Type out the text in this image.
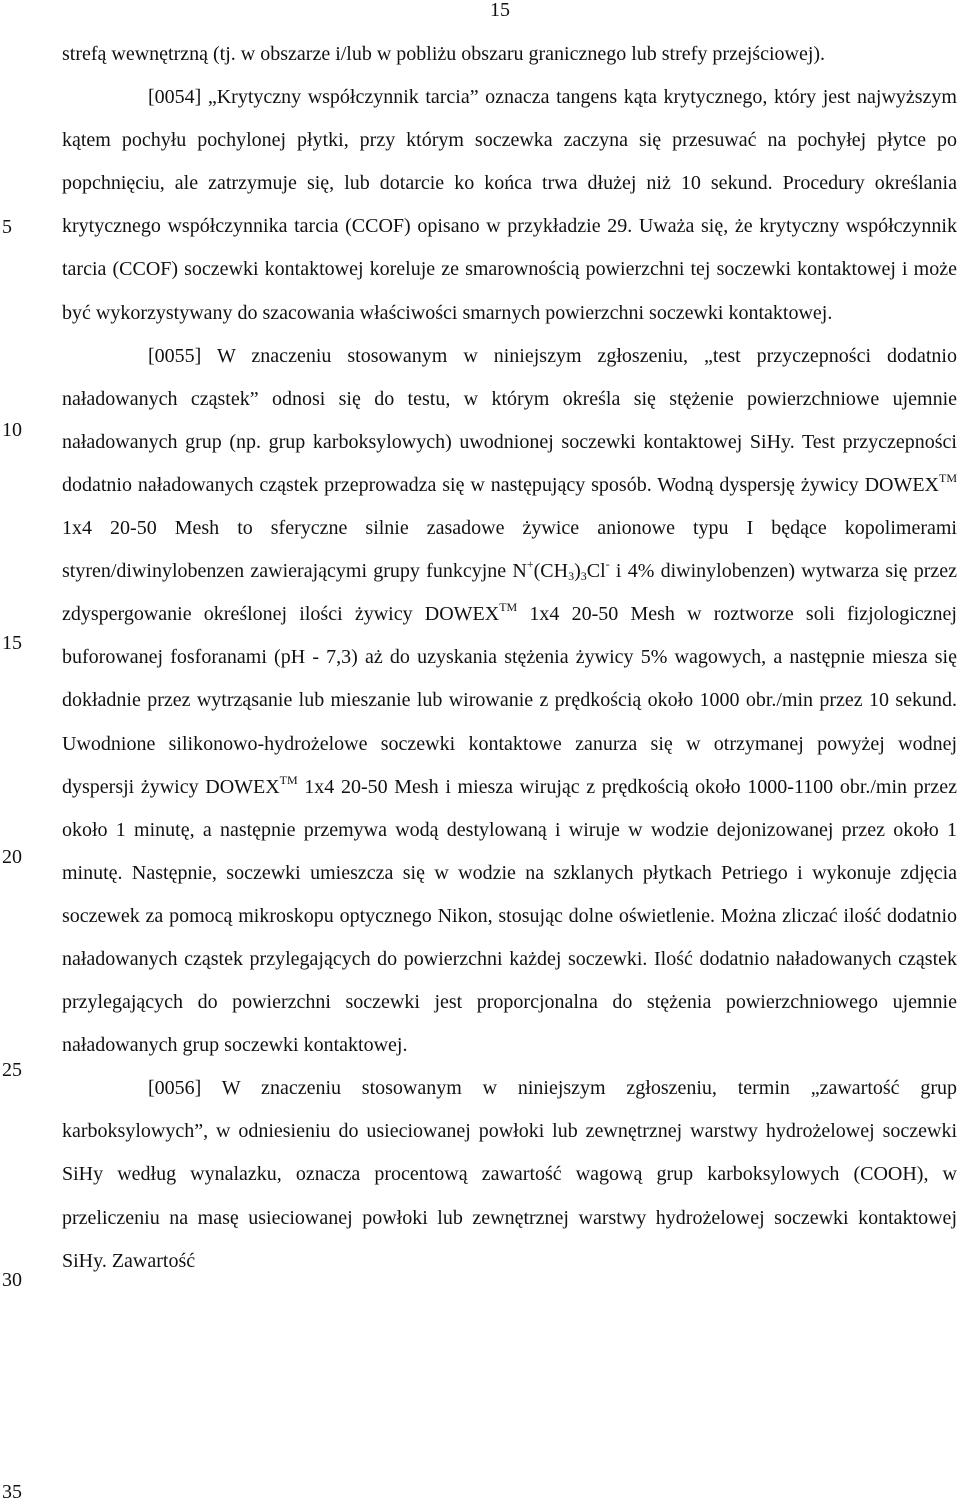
15
5
10
15
20
25
30
35

strefą wewnętrzną (tj. w obszarze i/lub w pobliżu obszaru granicznego lub strefy przejściowej).

[0054] „Krytyczny współczynnik tarcia” oznacza tangens kąta krytycznego, który jest najwyższym kątem pochyłu pochylonej płytki, przy którym soczewka zaczyna się przesuwać na pochyłej płytce po popchnięciu, ale zatrzymuje się, lub dotarcie ko końca trwa dłużej niż 10 sekund. Procedury określania krytycznego współczynnika tarcia (CCOF) opisano w przykładzie 29. Uważa się, że krytyczny współczynnik tarcia (CCOF) soczewki kontaktowej koreluje ze smarownością powierzchni tej soczewki kontaktowej i może być wykorzystywany do szacowania właściwości smarnych powierzchni soczewki kontaktowej.

[0055] W znaczeniu stosowanym w niniejszym zgłoszeniu, „test przyczepności dodatnio naładowanych cząstek” odnosi się do testu, w którym określa się stężenie powierzchniowe ujemnie naładowanych grup (np. grup karboksylowych) uwodnionej soczewki kontaktowej SiHy. Test przyczepności dodatnio naładowanych cząstek przeprowadza się w następujący sposób. Wodną dyspersję żywicy DOWEX™ 1x4 20-50 Mesh to sferyczne silnie zasadowe żywice anionowe typu I będące kopolimerami styren/diwinylobenzen zawierającymi grupy funkcyjne $N^+(CH_3)_3Cl^-$ i 4% diwinylobenzen) wytwarza się przez zdyspergowanie określonej ilości żywicy DOWEX™ 1x4 20-50 Mesh w roztworze soli fizjologicznej buforowanej fosforanami (pH - 7,3) aż do uzyskania stężenia żywicy 5% wagowych, a następnie miesza się dokładnie przez wytrząsanie lub mieszanie lub wirowanie z prędkością około 1000 obr./min przez 10 sekund. Uwodnione silikonowo-hydrożelowe soczewki kontaktowe zanurza się w otrzymanej powyżej wodnej dyspersji żywicy DOWEX™ 1x4 20-50 Mesh i miesza wirując z prędkością około 1000-1100 obr./min przez około 1 minutę, a następnie przemywa wodą destylowaną i wiruje w wodzie dejonizowanej przez około 1 minutę. Następnie, soczewki umieszcza się w wodzie na szklanych płytkach Petriego i wykonuje zdjęcia soczewek za pomocą mikroskopu optycznego Nikon, stosując dolne oświetlenie. Można zliczać ilość dodatnio naładowanych cząstek przylegających do powierzchni każdej soczewki. Ilość dodatnio naładowanych cząstek przylegających do powierzchni soczewki jest proporcjonalna do stężenia powierzchniowego ujemnie naładowanych grup soczewki kontaktowej.

[0056] W znaczeniu stosowanym w niniejszym zgłoszeniu, termin „zawartość grup karboksylowych”, w odniesieniu do usieciowanej powłoki lub zewnętrznej warstwy hydrożelowej soczewki SiHy według wynalazku, oznacza procentową zawartość wagową grup karboksylowych (COOH), w przeliczeniu na masę usieciowanej powłoki lub zewnętrznej warstwy hydrożelowej soczewki kontaktowej SiHy. Zawartość
